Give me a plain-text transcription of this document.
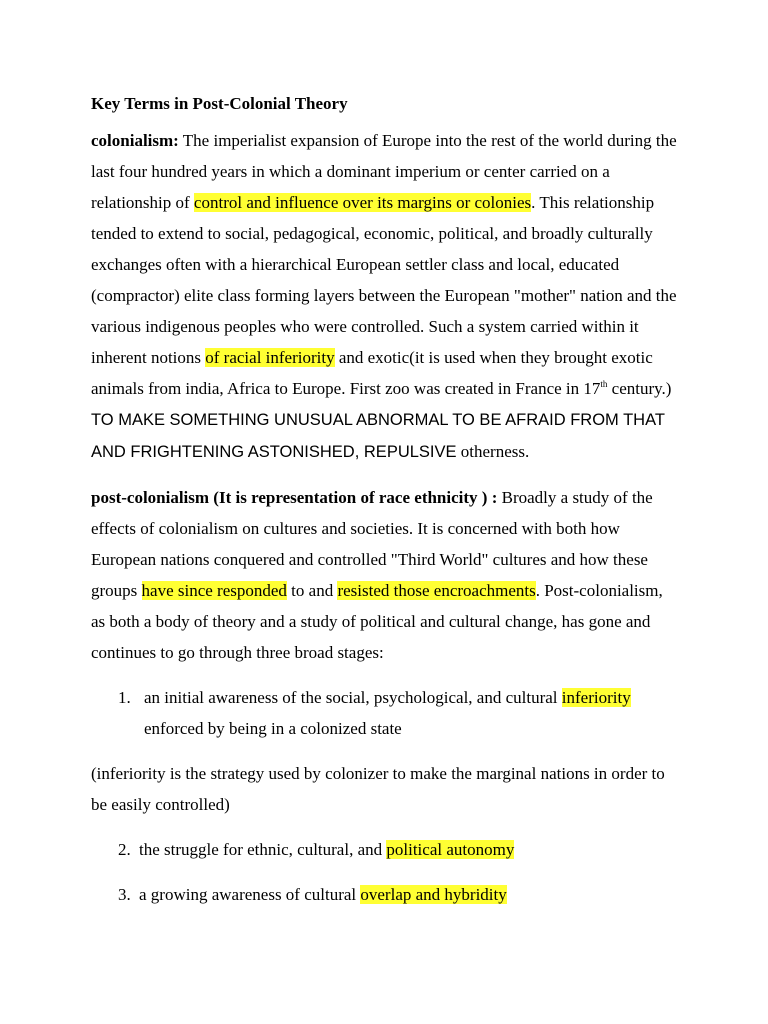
Key Terms in Post-Colonial Theory

colonialism: The imperialist expansion of Europe into the rest of the world during the last four hundred years in which a dominant imperium or center carried on a relationship of control and influence over its margins or colonies. This relationship tended to extend to social, pedagogical, economic, political, and broadly culturally exchanges often with a hierarchical European settler class and local, educated (compractor) elite class forming layers between the European "mother" nation and the various indigenous peoples who were controlled. Such a system carried within it inherent notions of racial inferiority and exotic(it is used when they brought exotic animals from india, Africa to Europe. First zoo was created in France in 17th century.) TO MAKE SOMETHING UNUSUAL ABNORMAL TO BE AFRAID FROM THAT AND FRIGHTENING ASTONISHED, REPULSIVE otherness.

post-colonialism (It is representation of race ethnicity ) : Broadly a study of the effects of colonialism on cultures and societies. It is concerned with both how European nations conquered and controlled "Third World" cultures and how these groups have since responded to and resisted those encroachments. Post-colonialism, as both a body of theory and a study of political and cultural change, has gone and continues to go through three broad stages:

1. an initial awareness of the social, psychological, and cultural inferiority enforced by being in a colonized state

(inferiority is the strategy used by colonizer to make the marginal nations in order to be easily controlled)

2. the struggle for ethnic, cultural, and political autonomy
3. a growing awareness of cultural overlap and hybridity
